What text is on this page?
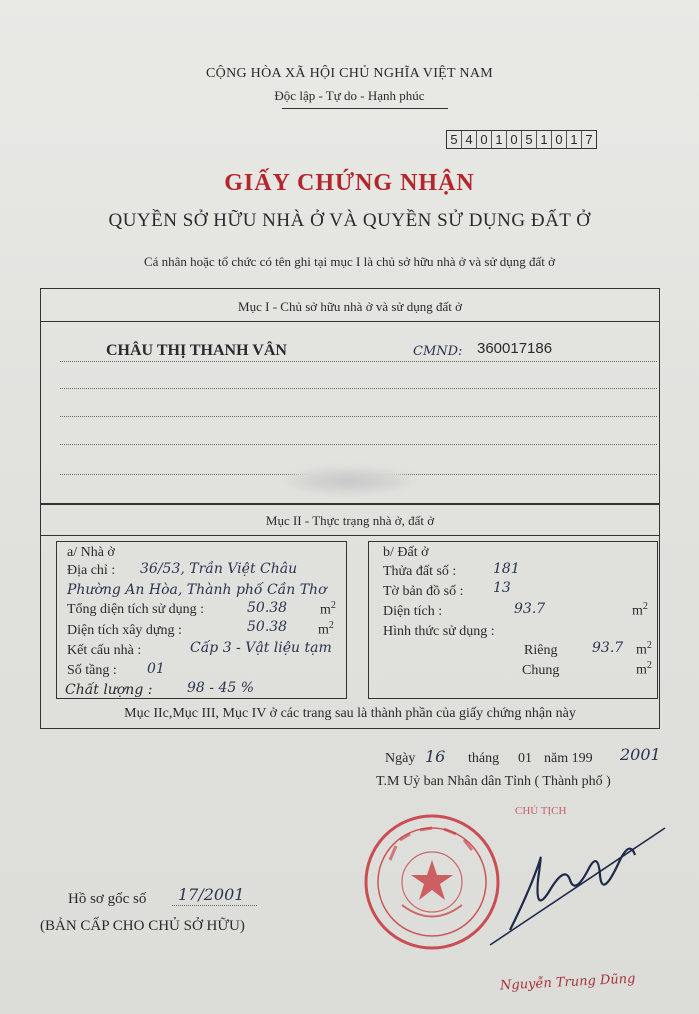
CỘNG HÒA XÃ HỘI CHỦ NGHĨA VIỆT NAM
Độc lập - Tự do - Hạnh phúc
5 4 0 1 0 5 1 0 1 7
GIẤY CHỨNG NHẬN
QUYỀN SỞ HỮU NHÀ Ở VÀ QUYỀN SỬ DỤNG ĐẤT Ở
Cá nhân hoặc tổ chức có tên ghi tại mục I là chủ sở hữu nhà ở và sử dụng đất ở
Mục I - Chủ sở hữu nhà ở và sử dụng đất ở
CHÂU THỊ THANH VÂN	CMND: 360017186
Mục II - Thực trạng nhà ở, đất ở
a/ Nhà ở
Địa chỉ : 36/53, Trần Việt Châu
Phường An Hòa, Thành phố Cần Thơ
Tổng diện tích sử dụng :	50.38 $m^2$
Diện tích xây dựng :	50.38 $m^2$
Kết cấu nhà :	Cấp 3 - Vật liệu tạm
Số tầng : 01
Chất lượng : 98 - 45 %
b/ Đất ở
Thửa đất số :	181
Tờ bản đồ số : 13
Diện tích :	93.7	$m^2$
Hình thức sử dụng :
Riêng 93.7 $m^2$
Chung	$m^2$
Mục IIc,Mục III, Mục IV ở các trang sau là thành phần của giấy chứng nhận này
Ngày 16 tháng 01 năm 199 2001
T.M Uỷ ban Nhân dân Tỉnh ( Thành phố )
CHỦ TỊCH
Nguyễn Trung Dũng
Hồ sơ gốc số 17/2001
(BẢN CẤP CHO CHỦ SỞ HỮU)
